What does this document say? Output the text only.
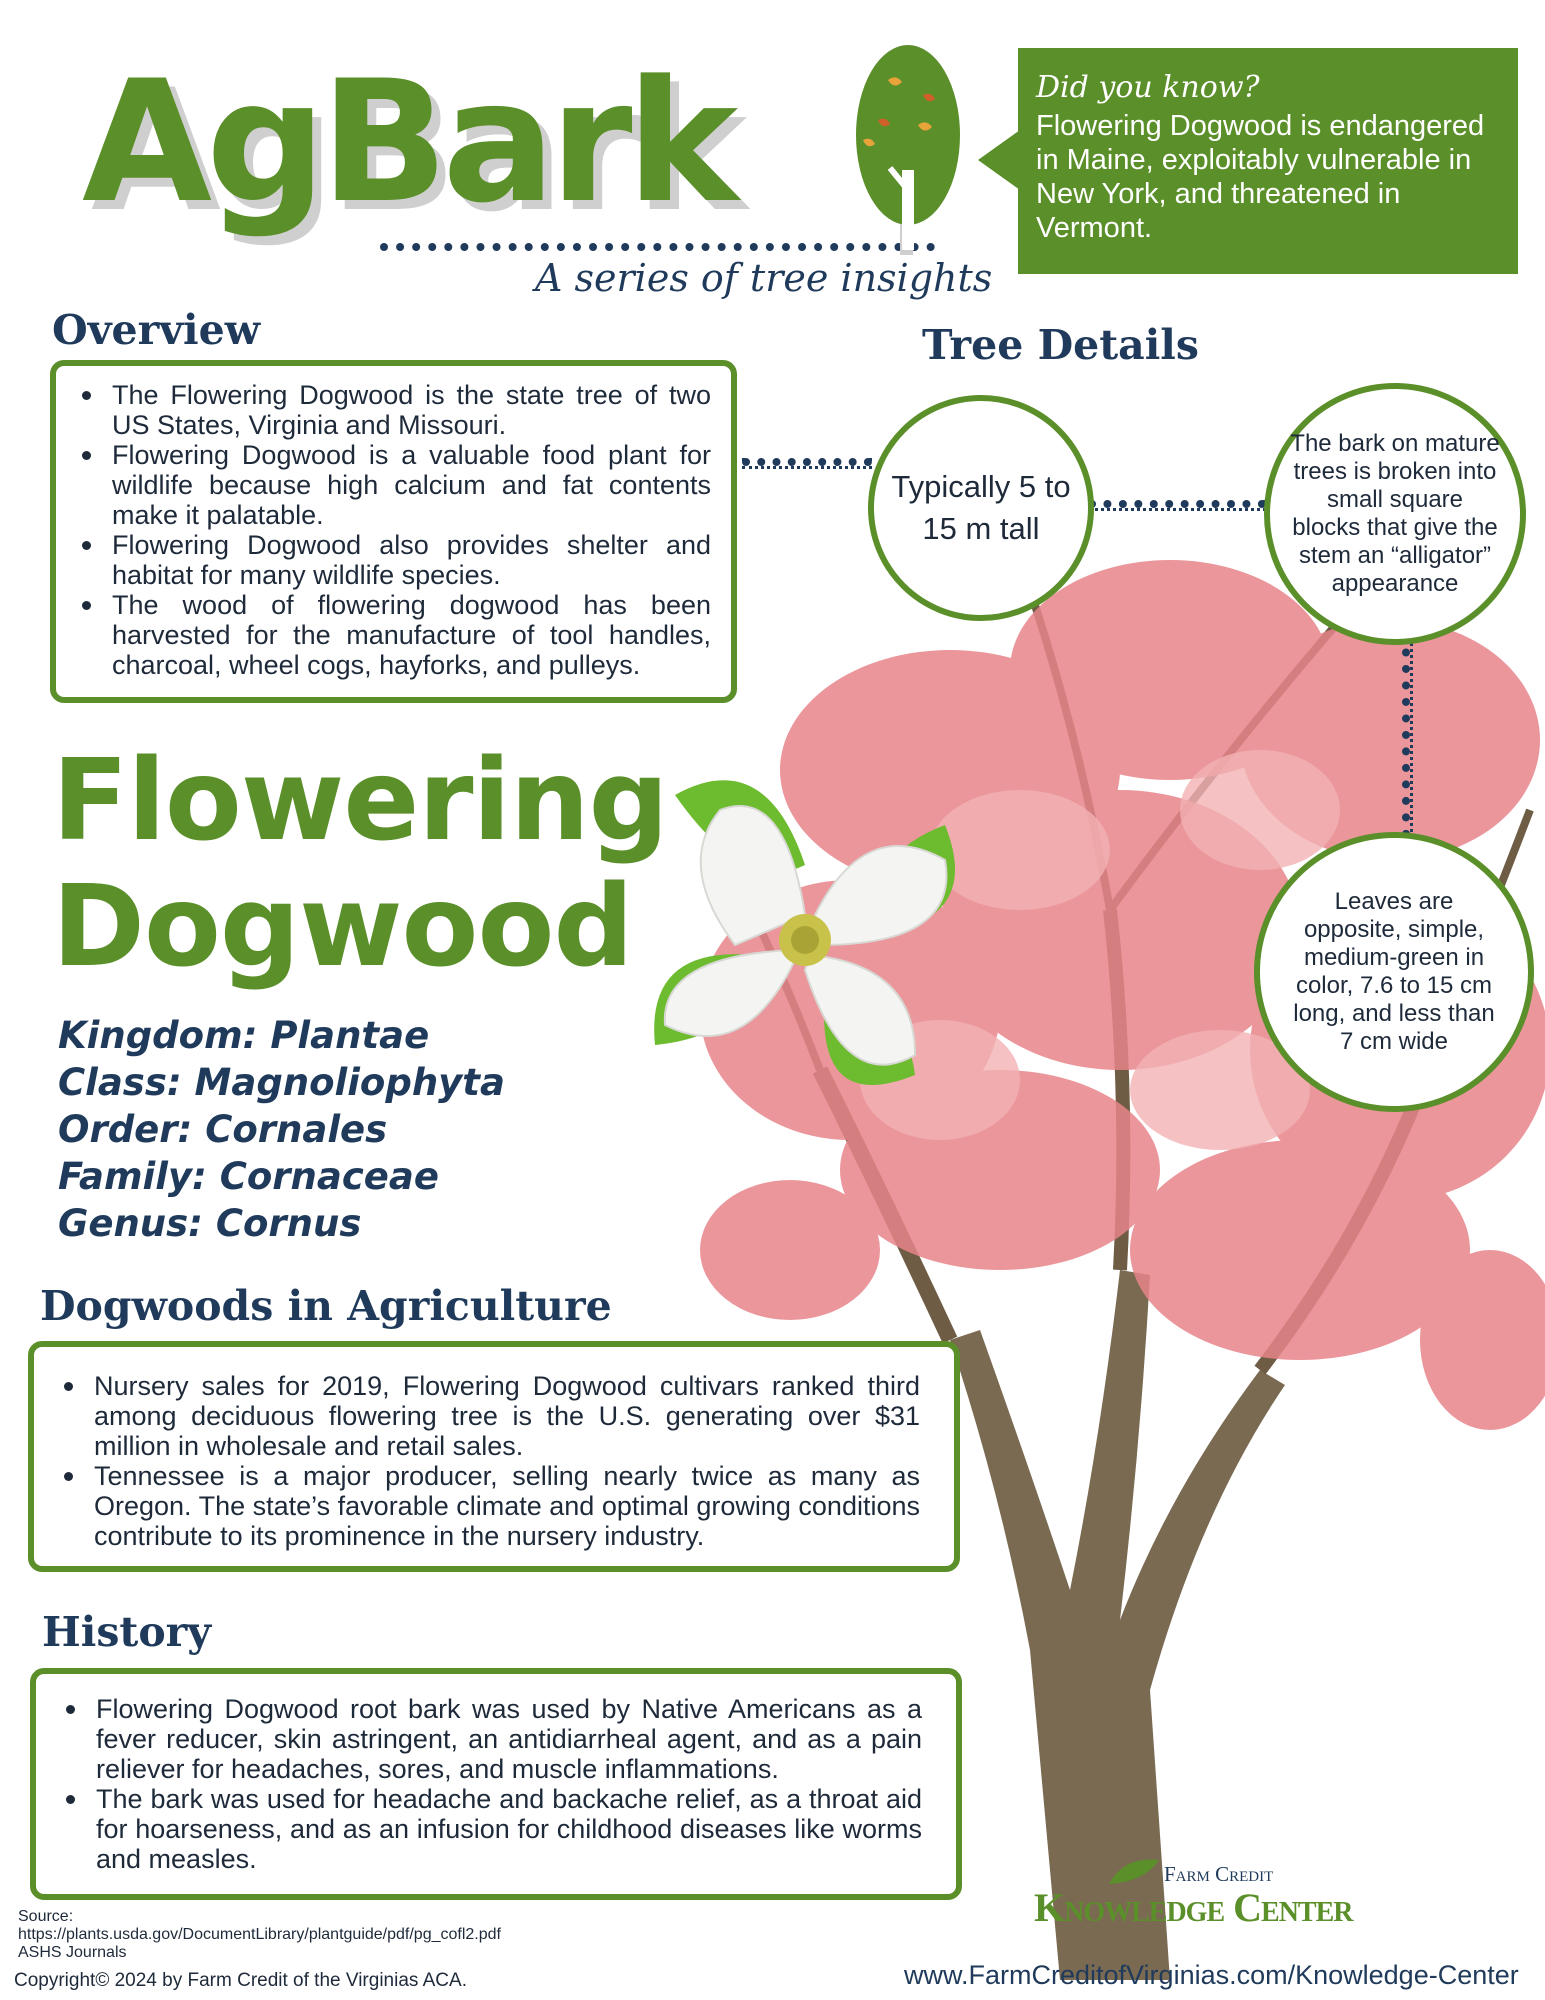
AgBark
A series of tree insights
Did you know?
Flowering Dogwood is endangered in Maine, exploitably vulnerable in New York, and threatened in Vermont.
Overview
The Flowering Dogwood is the state tree of two US States, Virginia and Missouri.
Flowering Dogwood is a valuable food plant for wildlife because high calcium and fat contents make it palatable.
Flowering Dogwood also provides shelter and habitat for many wildlife species.
The wood of flowering dogwood has been harvested for the manufacture of tool handles, charcoal, wheel cogs, hayforks, and pulleys.
Tree Details
Typically 5 to 15 m tall
The bark on mature trees is broken into small square blocks that give the stem an “alligator” appearance
Leaves are opposite, simple, medium-green in color, 7.6 to 15 cm long, and less than 7 cm wide
Flowering
Dogwood
Kingdom: Plantae
Class: Magnoliophyta
Order: Cornales
Family: Cornaceae
Genus: Cornus
Dogwoods in Agriculture
Nursery sales for 2019, Flowering Dogwood cultivars ranked third among deciduous flowering tree is the U.S. generating over $31 million in wholesale and retail sales.
Tennessee is a major producer, selling nearly twice as many as Oregon. The state’s favorable climate and optimal growing conditions contribute to its prominence in the nursery industry.
History
Flowering Dogwood root bark was used by Native Americans as a fever reducer, skin astringent, an antidiarrheal agent, and as a pain reliever for headaches, sores, and muscle inflammations.
The bark was used for headache and backache relief, as a throat aid for hoarseness, and as an infusion for childhood diseases like worms and measles.
Source:
https://plants.usda.gov/DocumentLibrary/plantguide/pdf/pg_cofl2.pdf
ASHS Journals
Copyright© 2024 by Farm Credit of the Virginias ACA.
Farm Credit
Knowledge Center
www.FarmCreditofVirginias.com/Knowledge-Center
